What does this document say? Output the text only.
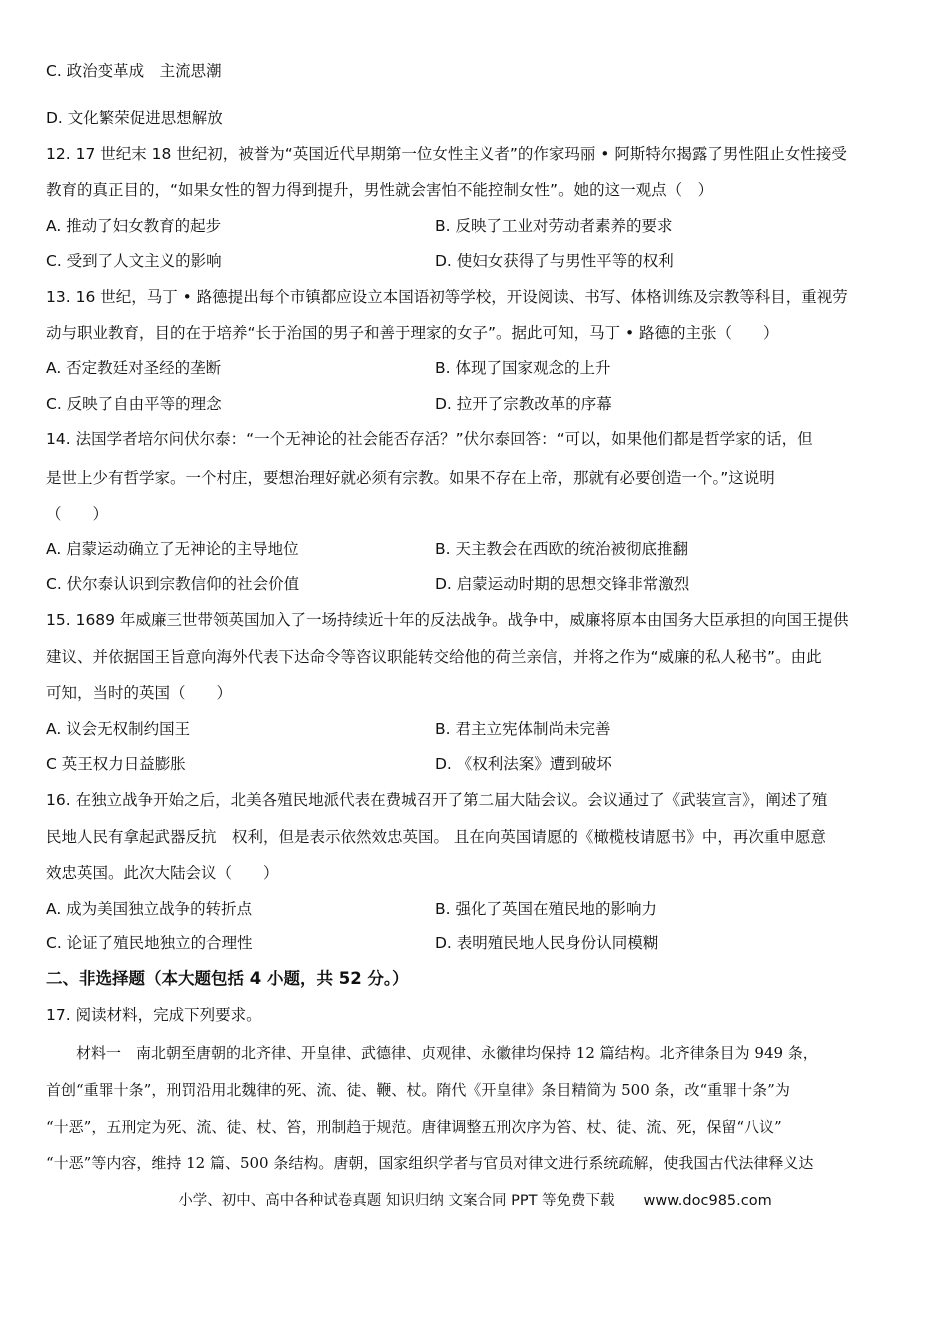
C. 政治变革成　主流思潮
D. 文化繁荣促进思想解放
12. 17 世纪末 18 世纪初，被誉为“英国近代早期第一位女性主义者”的作家玛丽 • 阿斯特尔揭露了男性阻止女性接受
教育的真正目的，“如果女性的智力得到提升，男性就会害怕不能控制女性”。她的这一观点（　）
A. 推动了妇女教育的起步	B. 反映了工业对劳动者素养的要求
C. 受到了人文主义的影响	D. 使妇女获得了与男性平等的权利
13. 16 世纪，马丁 • 路德提出每个市镇都应设立本国语初等学校，开设阅读、书写、体格训练及宗教等科目，重视劳
动与职业教育，目的在于培养“长于治国的男子和善于理家的女子”。据此可知，马丁 • 路德的主张（　　）
A. 否定教廷对圣经的垄断	B. 体现了国家观念的上升
C. 反映了自由平等的理念	D. 拉开了宗教改革的序幕
14. 法国学者培尔问伏尔泰：“一个无神论的社会能否存活？”伏尔泰回答：“可以，如果他们都是哲学家的话，但
是世上少有哲学家。一个村庄，要想治理好就必须有宗教。如果不存在上帝，那就有必要创造一个。”这说明
（　　）
A. 启蒙运动确立了无神论的主导地位	B. 天主教会在西欧的统治被彻底推翻
C. 伏尔泰认识到宗教信仰的社会价值	D. 启蒙运动时期的思想交锋非常激烈
15. 1689 年威廉三世带领英国加入了一场持续近十年的反法战争。战争中，威廉将原本由国务大臣承担的向国王提供
建议、并依据国王旨意向海外代表下达命令等咨议职能转交给他的荷兰亲信，并将之作为“威廉的私人秘书”。由此
可知，当时的英国（　　）
A. 议会无权制约国王	B. 君主立宪体制尚未完善
C 英王权力日益膨胀	D. 《权利法案》遭到破坏
16. 在独立战争开始之后，北美各殖民地派代表在费城召开了第二届大陆会议。会议通过了《武装宣言》，阐述了殖
民地人民有拿起武器反抗　权利，但是表示依然效忠英国。 且在向英国请愿的《橄榄枝请愿书》中，再次重申愿意
效忠英国。此次大陆会议（　　）
A. 成为美国独立战争的转折点	B. 强化了英国在殖民地的影响力
C. 论证了殖民地独立的合理性	D. 表明殖民地人民身份认同模糊
二、非选择题（本大题包括 4 小题，共 52 分。）
17. 阅读材料，完成下列要求。
　　材料一　南北朝至唐朝的北齐律、开皇律、武德律、贞观律、永徽律均保持 12 篇结构。北齐律条目为 949 条，
首创“重罪十条”，刑罚沿用北魏律的死、流、徒、鞭、杖。隋代《开皇律》条目精简为 500 条，改“重罪十条”为
“十恶”，五刑定为死、流、徒、杖、笞，刑制趋于规范。唐律调整五刑次序为笞、杖、徒、流、死，保留“八议”
“十恶”等内容，维持 12 篇、500 条结构。唐朝，国家组织学者与官员对律文进行系统疏解，使我国古代法律释义达
小学、初中、高中各种试卷真题 知识归纳 文案合同 PPT 等免费下载　　www.doc985.com
